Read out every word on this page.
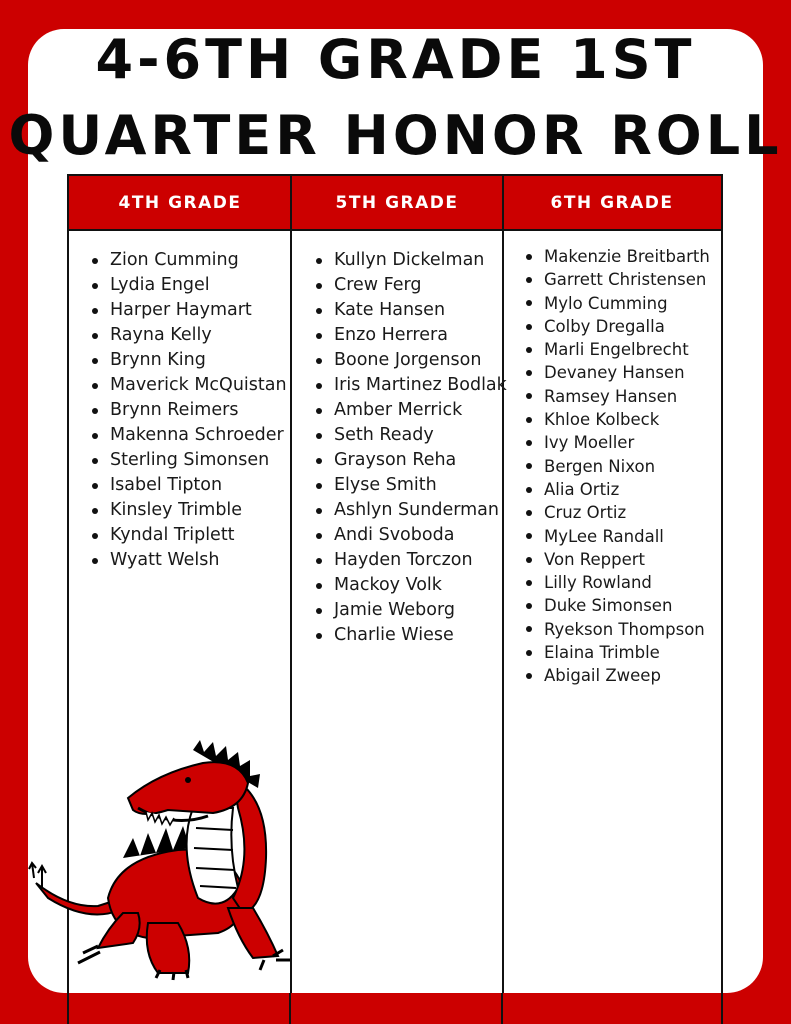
4-6TH GRADE 1ST
QUARTER HONOR ROLL
4TH GRADE	5TH GRADE	6TH GRADE
Zion Cumming
Lydia Engel
Harper Haymart
Rayna Kelly
Brynn King
Maverick McQuistan
Brynn Reimers
Makenna Schroeder
Sterling Simonsen
Isabel Tipton
Kinsley Trimble
Kyndal Triplett
Wyatt Welsh
Kullyn Dickelman
Crew Ferg
Kate Hansen
Enzo Herrera
Boone Jorgenson
Iris Martinez Bodlak
Amber Merrick
Seth Ready
Grayson Reha
Elyse Smith
Ashlyn Sunderman
Andi Svoboda
Hayden Torczon
Mackoy Volk
Jamie Weborg
Charlie Wiese
Makenzie Breitbarth
Garrett Christensen
Mylo Cumming
Colby Dregalla
Marli Engelbrecht
Devaney Hansen
Ramsey Hansen
Khloe Kolbeck
Ivy Moeller
Bergen Nixon
Alia Ortiz
Cruz Ortiz
MyLee Randall
Von Reppert
Lilly Rowland
Duke Simonsen
Ryekson Thompson
Elaina Trimble
Abigail Zweep
